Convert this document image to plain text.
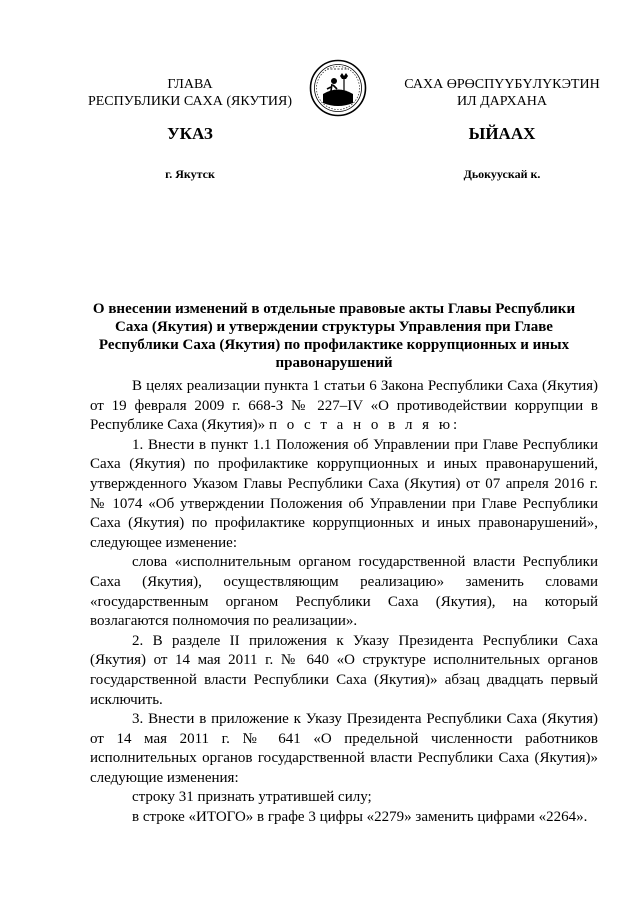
ГЛАВА
РЕСПУБЛИКИ САХА (ЯКУТИЯ)
САХА ӨРӨСПҮҮБҮЛҮКЭТИН
ИЛ ДАРХАНА
УКАЗ	ЫЙААХ
г. Якутск	Дьокуускай к.
О внесении изменений в отдельные правовые акты Главы Республики Саха (Якутия) и утверждении структуры Управления при Главе Республики Саха (Якутия) по профилактике коррупционных и иных правонарушений

В целях реализации пункта 1 статьи 6 Закона Республики Саха (Якутия) от 19 февраля 2009 г. 668-З № 227–IV «О противодействии коррупции в Республике Саха (Якутия)» п о с т а н о в л я ю:

1. Внести в пункт 1.1 Положения об Управлении при Главе Республики Саха (Якутия) по профилактике коррупционных и иных правонарушений, утвержденного Указом Главы Республики Саха (Якутия) от 07 апреля 2016 г. № 1074 «Об утверждении Положения об Управлении при Главе Республики Саха (Якутия) по профилактике коррупционных и иных правонарушений», следующее изменение:

слова «исполнительным органом государственной власти Республики Саха (Якутия), осуществляющим реализацию» заменить словами «государственным органом Республики Саха (Якутия), на который возлагаются полномочия по реализации».

2. В разделе II приложения к Указу Президента Республики Саха (Якутия) от 14 мая 2011 г. № 640 «О структуре исполнительных органов государственной власти Республики Саха (Якутия)» абзац двадцать первый исключить.

3. Внести в приложение к Указу Президента Республики Саха (Якутия) от 14 мая 2011 г. № 641 «О предельной численности работников исполнительных органов государственной власти Республики Саха (Якутия)» следующие изменения:

строку 31 признать утратившей силу;

в строке «ИТОГО» в графе 3 цифры «2279» заменить цифрами «2264».
